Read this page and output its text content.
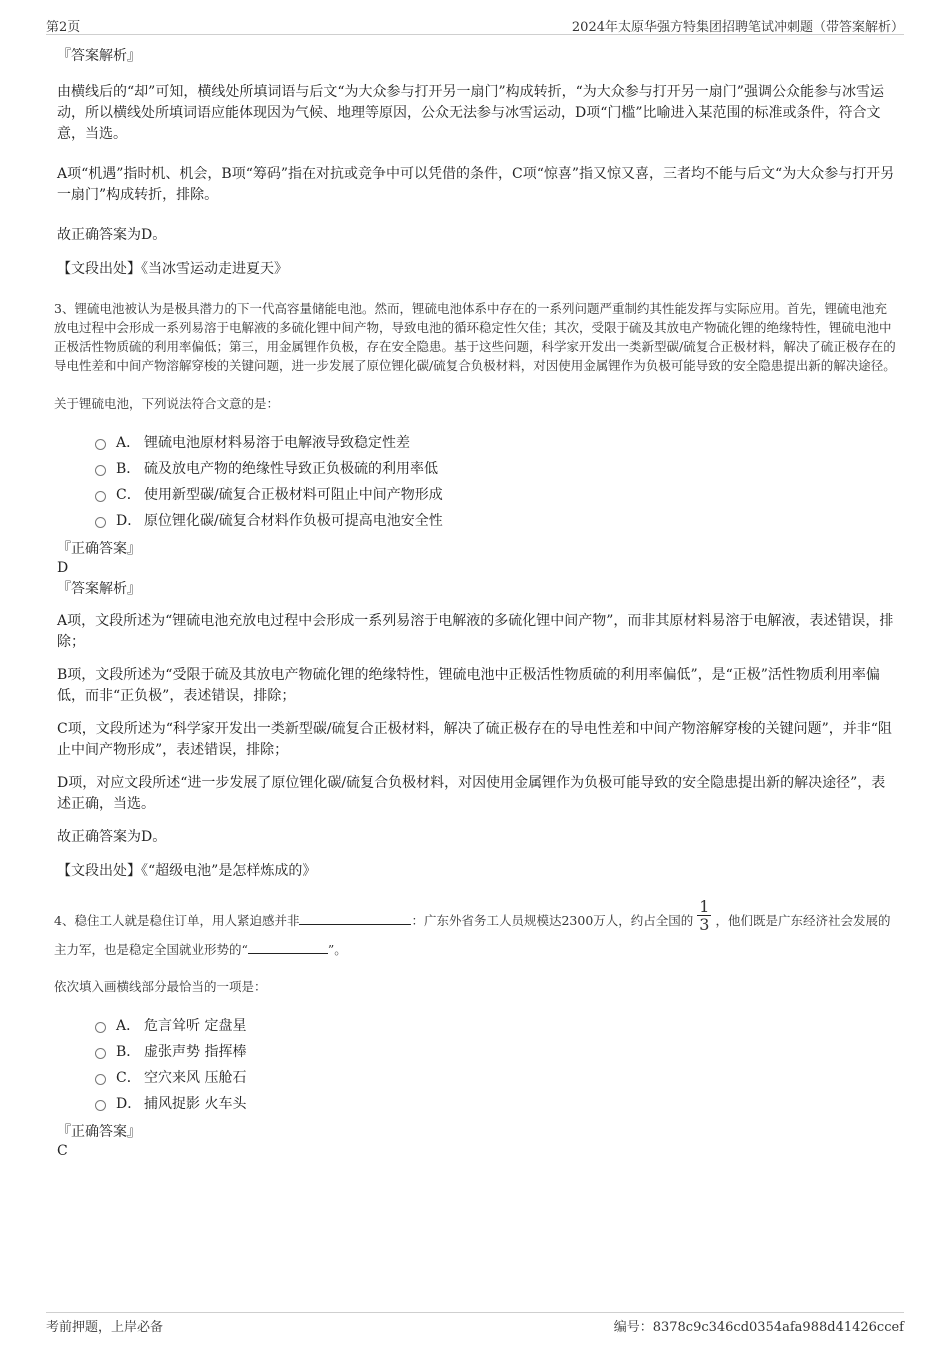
第2页	2024年太原华强方特集团招聘笔试冲刺题（带答案解析）

『答案解析』

由横线后的“却”可知，横线处所填词语与后文“为大众参与打开另一扇门”构成转折，“为大众参与打开另一扇门”强调公众能参与冰雪运动，所以横线处所填词语应能体现因为气候、地理等原因，公众无法参与冰雪运动，D项“门槛”比喻进入某范围的标准或条件，符合文意，当选。

A项“机遇”指时机、机会，B项“筹码”指在对抗或竞争中可以凭借的条件，C项“惊喜”指又惊又喜，三者均不能与后文“为大众参与打开另一扇门”构成转折，排除。

故正确答案为D。

【文段出处】《当冰雪运动走进夏天》

3、锂硫电池被认为是极具潜力的下一代高容量储能电池。然而，锂硫电池体系中存在的一系列问题严重制约其性能发挥与实际应用。首先，锂硫电池充放电过程中会形成一系列易溶于电解液的多硫化锂中间产物，导致电池的循环稳定性欠佳；其次，受限于硫及其放电产物硫化锂的绝缘特性，锂硫电池中正极活性物质硫的利用率偏低；第三，用金属锂作负极，存在安全隐患。基于这些问题，科学家开发出一类新型碳/硫复合正极材料，解决了硫正极存在的导电性差和中间产物溶解穿梭的关键问题，进一步发展了原位锂化碳/硫复合负极材料，对因使用金属锂作为负极可能导致的安全隐患提出新的解决途径。

关于锂硫电池，下列说法符合文意的是：

A． 锂硫电池原材料易溶于电解液导致稳定性差
B． 硫及放电产物的绝缘性导致正负极硫的利用率低
C． 使用新型碳/硫复合正极材料可阻止中间产物形成
D． 原位锂化碳/硫复合材料作负极可提高电池安全性

『正确答案』

D

『答案解析』

A项，文段所述为“锂硫电池充放电过程中会形成一系列易溶于电解液的多硫化锂中间产物”，而非其原材料易溶于电解液，表述错误，排除；

B项，文段所述为“受限于硫及其放电产物硫化锂的绝缘特性，锂硫电池中正极活性物质硫的利用率偏低”，是“正极”活性物质利用率偏低，而非“正负极”，表述错误，排除；

C项，文段所述为“科学家开发出一类新型碳/硫复合正极材料，解决了硫正极存在的导电性差和中间产物溶解穿梭的关键问题”，并非“阻止中间产物形成”，表述错误，排除；

D项，对应文段所述“进一步发展了原位锂化碳/硫复合负极材料，对因使用金属锂作为负极可能导致的安全隐患提出新的解决途径”，表述正确，当选。

故正确答案为D。

【文段出处】《“超级电池”是怎样炼成的》

4、稳住工人就是稳住订单，用人紧迫感并非	：广东外省务工人员规模达2300万人，约占全国的 $\frac{1}{3}$ ，他们既是广东经济社会发展的主力军，也是稳定全国就业形势的“	”。

依次填入画横线部分最恰当的一项是：

A． 危言耸听 定盘星
B． 虚张声势 指挥棒
C． 空穴来风 压舱石
D． 捕风捉影 火车头

『正确答案』

C

考前押题，上岸必备	编号：8378c9c346cd0354afa988d41426ccef
